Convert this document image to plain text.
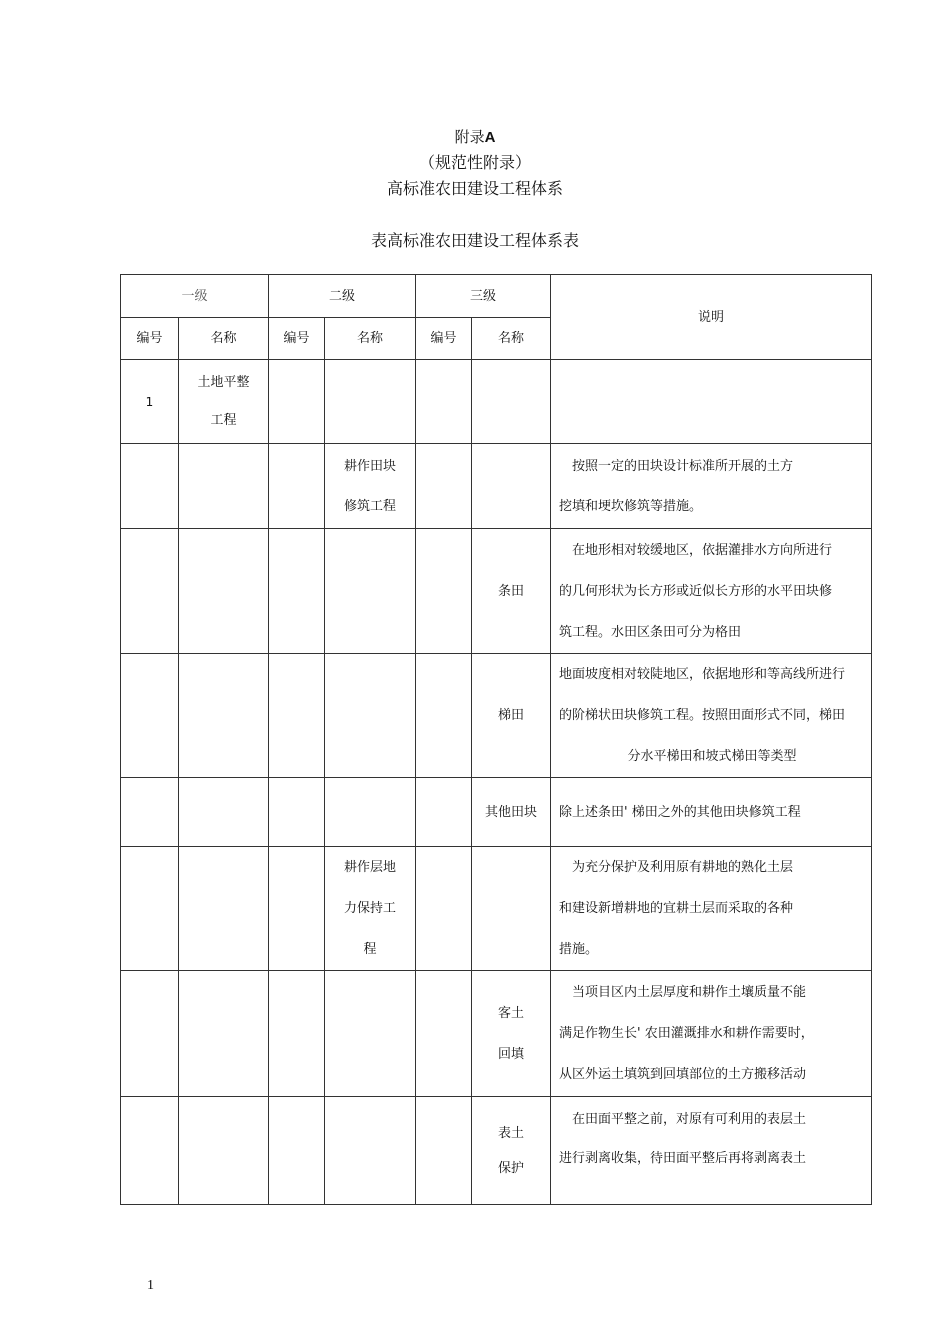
附录A
（规范性附录）
高标准农田建设工程体系
表高标准农田建设工程体系表
一级		二级		三级		说明
编号	名称	编号	名称	编号	名称	
1	土地平整
工程					

			耕作田块
修筑工程			　按照一定的田块设计标准所开展的土方
挖填和埂坎修筑等措施。

					条田	　在地形相对较缓地区，依据灌排水方向所进行
的几何形状为长方形或近似长方形的水平田块修
筑工程。水田区条田可分为格田

					梯田	地面坡度相对较陡地区，依据地形和等高线所进行
的阶梯状田块修筑工程。按照田面形式不同，梯田
分水平梯田和坡式梯田等类型

					其他田块	除上述条田' 梯田之外的其他田块修筑工程

			耕作层地
力保持工
程			　为充分保护及利用原有耕地的熟化土层
和建设新增耕地的宜耕土层而采取的各种
措施。

					客土
回填	　当项目区内土层厚度和耕作土壤质量不能
满足作物生长' 农田灌溉排水和耕作需要时，
从区外运土填筑到回填部位的土方搬移活动

					表土
保护	　在田面平整之前，对原有可利用的表层土
进行剥离收集，待田面平整后再将剥离表土
1
